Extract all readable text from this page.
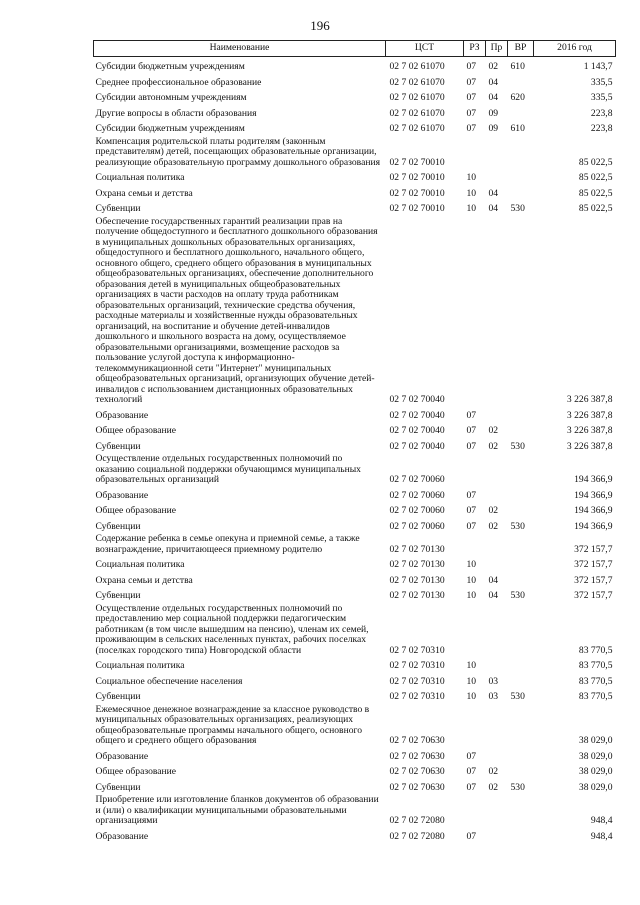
196
Наименование	ЦСТ	РЗ	Пр	ВР	2016 год
Субсидии бюджетным учреждениям	02 7 02 61070	07	02	610	1 143,7
Среднее профессиональное образование	02 7 02 61070	07	04		335,5
Субсидии автономным учреждениям	02 7 02 61070	07	04	620	335,5
Другие вопросы в области образования	02 7 02 61070	07	09		223,8
Субсидии бюджетным учреждениям	02 7 02 61070	07	09	610	223,8
Компенсация родительской платы родителям (законным представителям) детей, посещающих образовательные организации, реализующие образовательную программу дошкольного образования	02 7 02 70010				85 022,5
Социальная политика	02 7 02 70010	10			85 022,5
Охрана семьи и детства	02 7 02 70010	10	04		85 022,5
Субвенции	02 7 02 70010	10	04	530	85 022,5
Обеспечение государственных гарантий реализации прав на получение общедоступного и бесплатного дошкольного образования в муниципальных дошкольных образовательных организациях, общедоступного и бесплатного дошкольного, начального общего, основного общего, среднего общего образования в муниципальных общеобразовательных организациях, обеспечение дополнительного образования детей в муниципальных общеобразовательных организациях в части расходов на оплату труда работникам образовательных организаций, технические средства обучения, расходные материалы и хозяйственные нужды образовательных организаций, на воспитание и обучение детей-инвалидов дошкольного и школьного возраста на дому, осуществляемое образовательными организациями, возмещение расходов за пользование услугой доступа к информационно-телекоммуникационной сети "Интернет" муниципальных общеобразовательных организаций, организующих обучение детей-инвалидов с использованием дистанционных образовательных технологий	02 7 02 70040				3 226 387,8
Образование	02 7 02 70040	07			3 226 387,8
Общее образование	02 7 02 70040	07	02		3 226 387,8
Субвенции	02 7 02 70040	07	02	530	3 226 387,8
Осуществление отдельных государственных полномочий по оказанию социальной поддержки обучающимся муниципальных образовательных организаций	02 7 02 70060				194 366,9
Образование	02 7 02 70060	07			194 366,9
Общее образование	02 7 02 70060	07	02		194 366,9
Субвенции	02 7 02 70060	07	02	530	194 366,9
Содержание ребенка в семье опекуна и приемной семье, а также вознаграждение, причитающееся приемному родителю	02 7 02 70130				372 157,7
Социальная политика	02 7 02 70130	10			372 157,7
Охрана семьи и детства	02 7 02 70130	10	04		372 157,7
Субвенции	02 7 02 70130	10	04	530	372 157,7
Осуществление отдельных государственных полномочий по предоставлению мер социальной поддержки педагогическим работникам (в том числе вышедшим на пенсию), членам их семей, проживающим в сельских населенных пунктах, рабочих поселках (поселках городского типа) Новгородской области	02 7 02 70310				83 770,5
Социальная политика	02 7 02 70310	10			83 770,5
Социальное обеспечение населения	02 7 02 70310	10	03		83 770,5
Субвенции	02 7 02 70310	10	03	530	83 770,5
Ежемесячное денежное вознаграждение за классное руководство в муниципальных образовательных организациях, реализующих общеобразовательные программы начального общего, основного общего и среднего общего образования	02 7 02 70630				38 029,0
Образование	02 7 02 70630	07			38 029,0
Общее образование	02 7 02 70630	07	02		38 029,0
Субвенции	02 7 02 70630	07	02	530	38 029,0
Приобретение или изготовление бланков документов об образовании и (или) о квалификации муниципальными образовательными организациями	02 7 02 72080				948,4
Образование	02 7 02 72080	07			948,4
